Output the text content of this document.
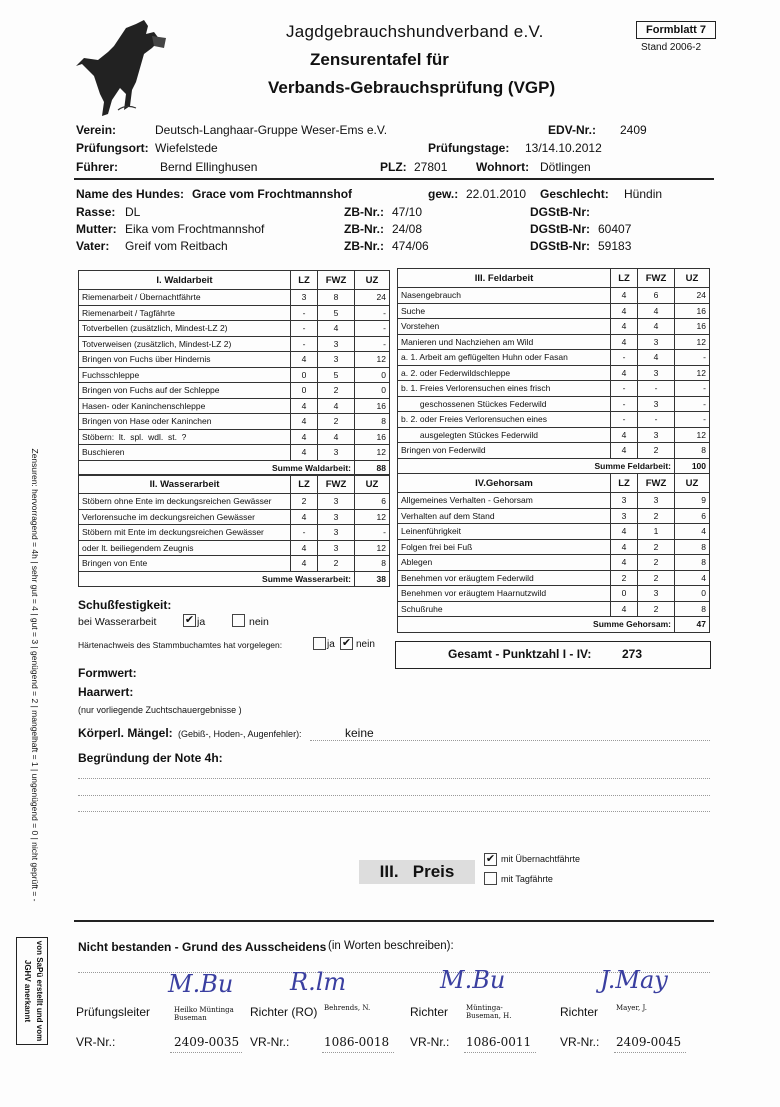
Jagdgebrauchshundverband e.V.
Zensurentafel für
Verbands-Gebrauchsprüfung (VGP)
Formblatt 7
Stand 2006-2
Verein:	Deutsch-Langhaar-Gruppe Weser-Ems e.V.	EDV-Nr.: 2409
Prüfungsort: Wiefelstede	Prüfungstage: 13/14.10.2012
Führer:	Bernd Ellinghusen	PLZ: 27801 Wohnort: Dötlingen
Name des Hundes: Grace vom Frochtmannshof	gew.: 22.01.2010 Geschlecht: Hündin
Rasse: DL	ZB-Nr.: 47/10	DGStB-Nr:
Mutter: Eika vom Frochtmannshof	ZB-Nr.: 24/08	DGStB-Nr: 60407
Vater: Greif vom Reitbach	ZB-Nr.: 474/06	DGStB-Nr: 59183
I. Waldarbeit	LZ	FWZ	UZ
Riemenarbeit / Übernachtfährte	3	8	24
Riemenarbeit / Tagfährte	-	5	-
Totverbellen (zusätzlich, Mindest-LZ 2)	-	4	-
Totverweisen (zusätzlich, Mindest-LZ 2)	-	3	-
Bringen von Fuchs über Hindernis	4	3	12
Fuchsschleppe	0	5	0
Bringen von Fuchs auf der Schleppe	0	2	0
Hasen- oder Kaninchenschleppe	4	4	16
Bringen von Hase oder Kaninchen	4	2	8
Stöbern:  lt.  spl.  wdl.  st.  ?	4	4	16
Buschieren	4	3	12
Summe Waldarbeit:			88
II. Wasserarbeit	LZ	FWZ	UZ
Stöbern ohne Ente im deckungsreichen Gewässer	2	3	6
Verlorensuche im deckungsreichen Gewässer	4	3	12
Stöbern mit Ente im deckungsreichen Gewässer	-	3	-
oder lt. beiliegendem Zeugnis	4	3	12
Bringen von Ente	4	2	8
Summe Wasserarbeit:			38
III. Feldarbeit	LZ	FWZ	UZ
Nasengebrauch	4	6	24
Suche	4	4	16
Vorstehen	4	4	16
Manieren und Nachziehen am Wild	4	3	12
a. 1. Arbeit am geflügelten Huhn oder Fasan	-	4	-
a. 2. oder Federwildschleppe	4	3	12
b. 1. Freies Verlorensuchen eines frisch	-	-	-
geschossenen Stückes Federwild	-	3	-
b. 2. oder Freies Verlorensuchen eines	-	-	-
ausgelegten Stückes Federwild	4	3	12
Bringen von Federwild	4	2	8
Summe Feldarbeit:			100
IV.Gehorsam	LZ	FWZ	UZ
Allgemeines Verhalten - Gehorsam	3	3	9
Verhalten auf dem Stand	3	2	6
Leinenführigkeit	4	1	4
Folgen frei bei Fuß	4	2	8
Ablegen	4	2	8
Benehmen vor eräugtem Federwild	2	2	4
Benehmen vor eräugtem Haarnutzwild	0	3	0
Schußruhe	4	2	8
Summe Gehorsam:			47
Gesamt - Punktzahl I - IV:	273
Schußfestigkeit:
bei Wasserarbeit	✔ ja	nein
Härtenachweis des Stammbuchamtes hat vorgelegen:	ja ✔ nein
Formwert:
Haarwert:
(nur vorliegende Zuchtschauergebnisse )
Körperl. Mängel: (Gebiß-, Hoden-, Augenfehler):	keine
Begründung der Note 4h:
III.   Preis
✔ mit Übernachtfährte
mit Tagfährte
Nicht bestanden - Grund des Ausscheidens (in Worten beschreiben):
M.Bu R.lm	M.Bu	J.May
Prüfungsleiter	Heilko Müntinga Buseman	Richter (RO) Behrends, N.	Richter	Müntinga-Buseman, H.	Richter	Mayer, J.
VR-Nr.:	2409-0035 VR-Nr.:	1086-0018 VR-Nr.: 1086-0011 VR-Nr.: 2409-0045
Zensuren: hervorragend = 4h | sehr gut = 4 | gut = 3 | genügend = 2 | mangelhaft = 1 | ungenügend = 0 | nicht geprüft = -
von SaPü erstellt und vom JGHV anerkannt
